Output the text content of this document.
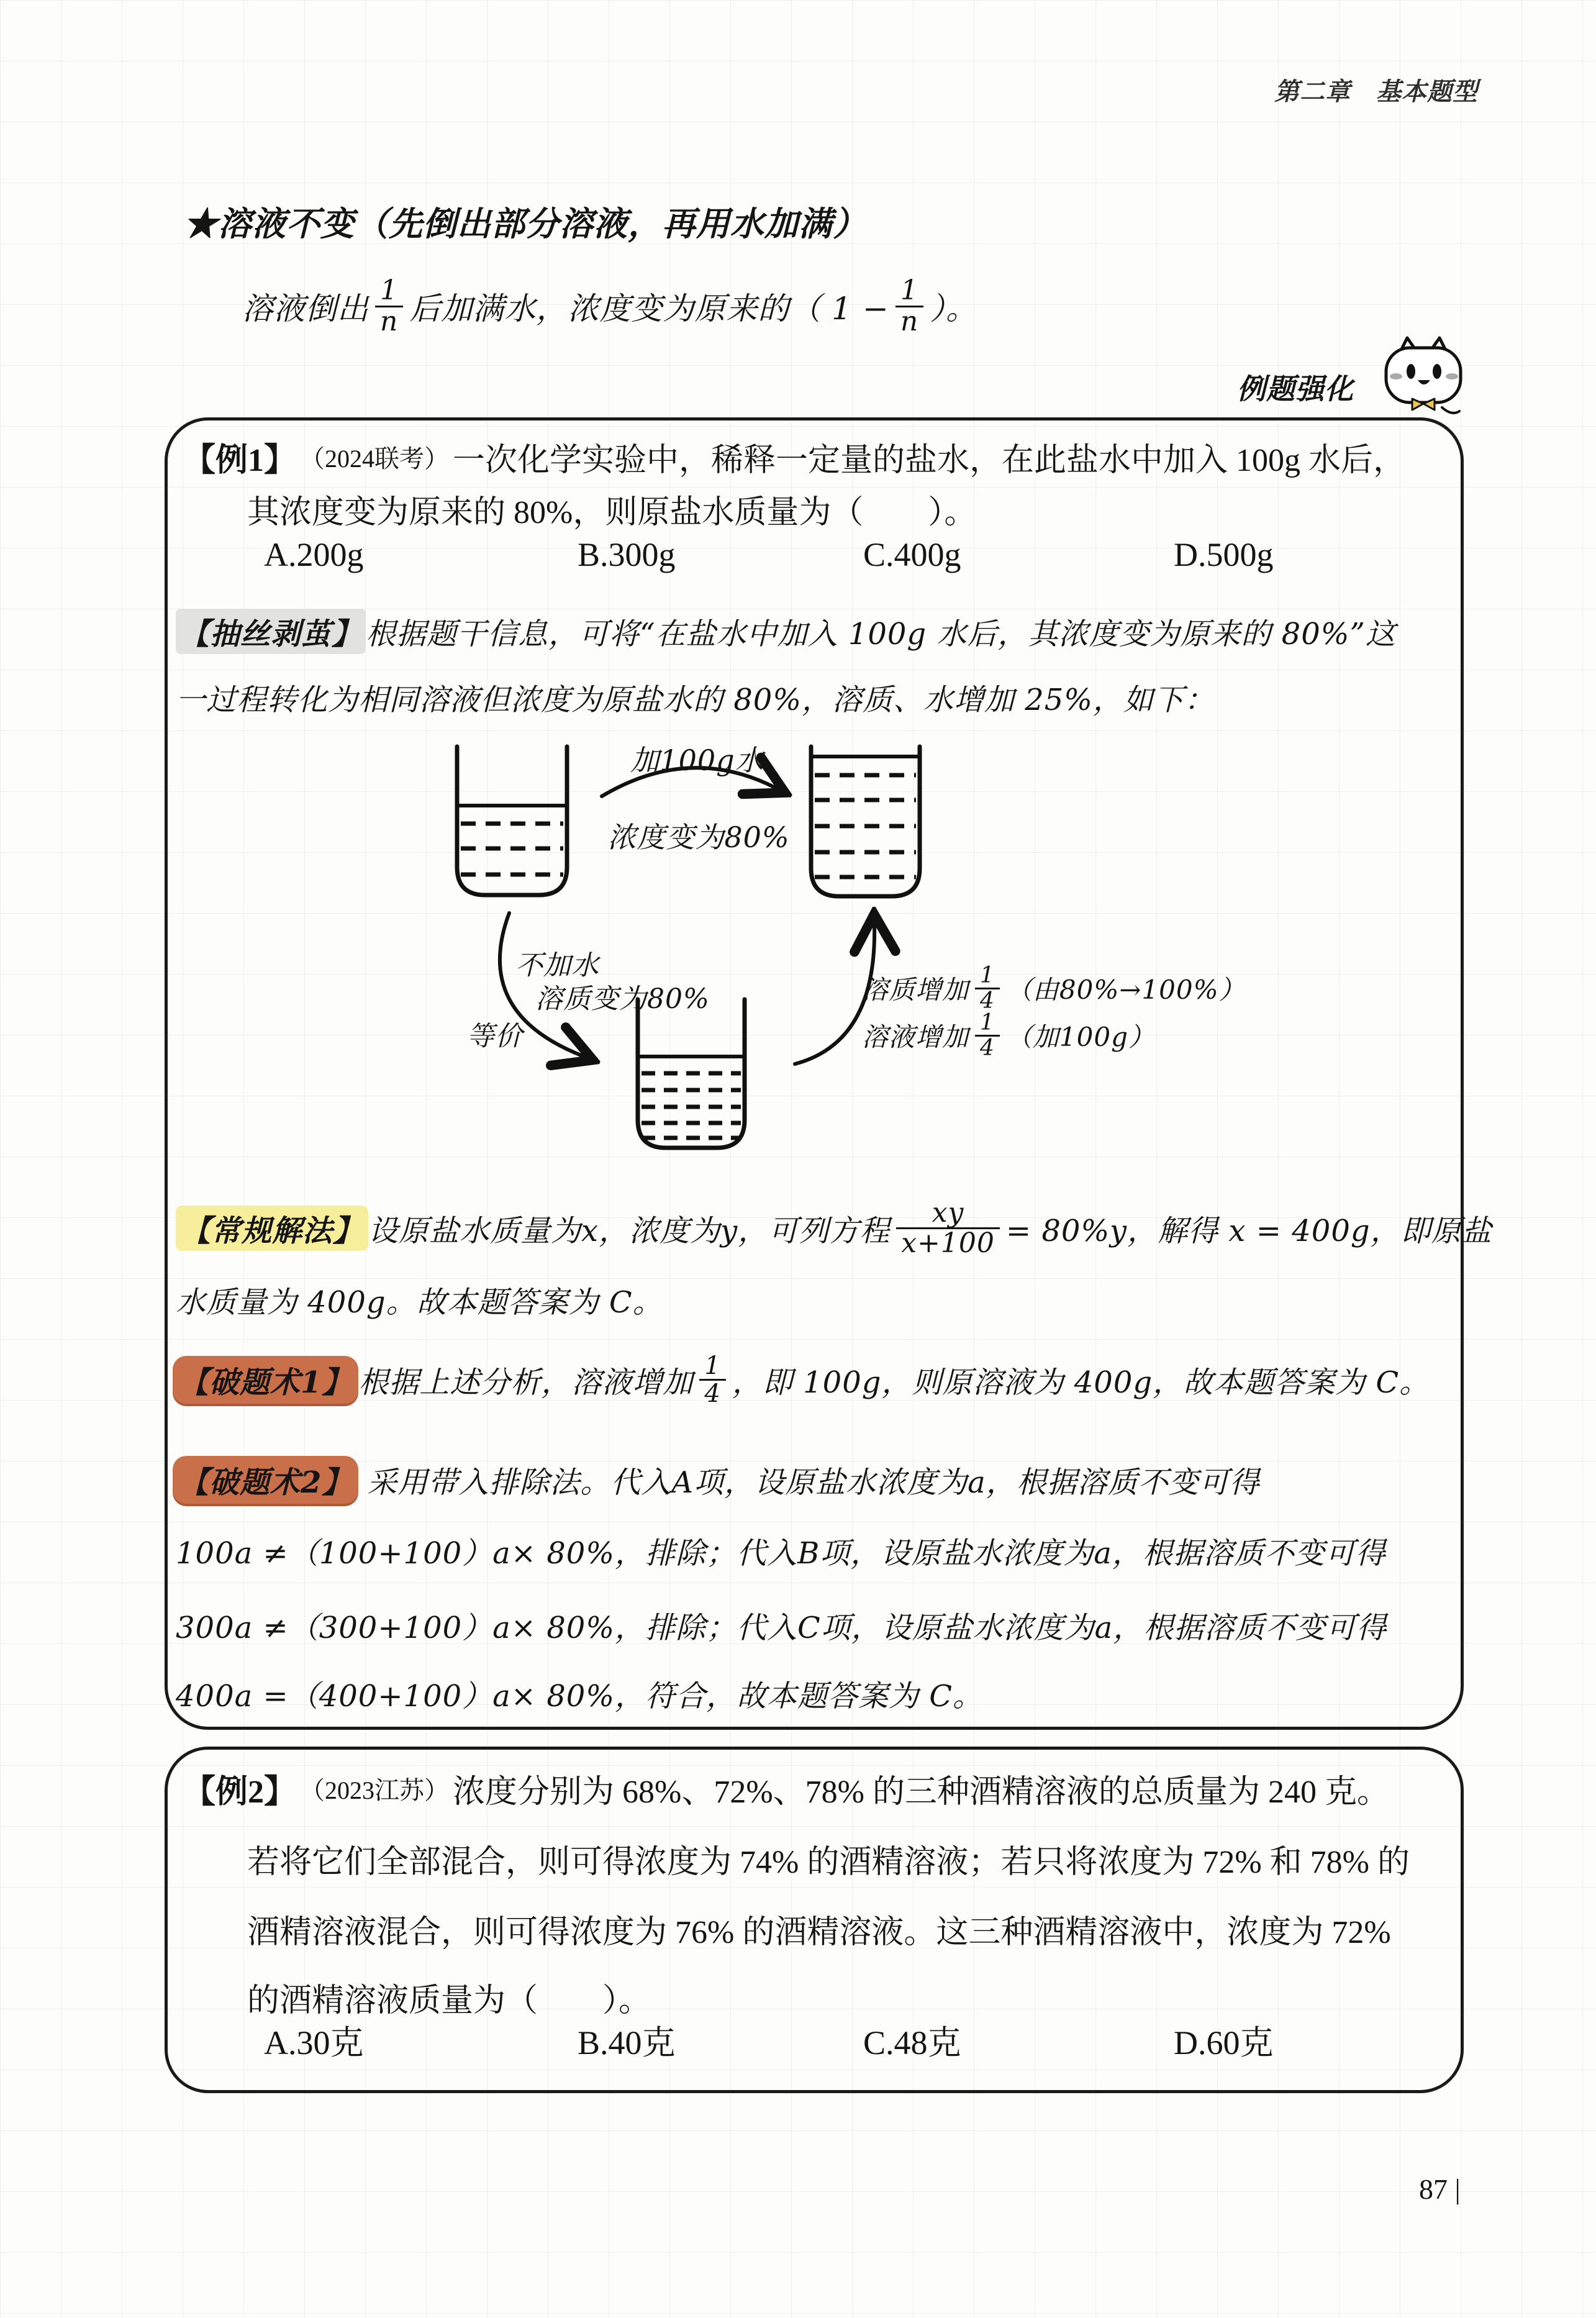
第二章　基本题型
★溶液不变（先倒出部分溶液，再用水加满）
溶液倒出 $\frac{1}{n}$ 后加满水，浓度变为原来的（ $1 - \frac{1}{n}$ ）。
例题强化
【例1】 （2024联考） 一次化学实验中，稀释一定量的盐水，在此盐水中加入 100g 水后，
其浓度变为原来的 80%，则原盐水质量为（　　）。
A.200g	B.300g	C.400g	D.500g
【抽丝剥茧】 根据题干信息，可将“在盐水中加入 100g 水后，其浓度变为原来的 80%”这
一过程转化为相同溶液但浓度为原盐水的 80%，溶质、水增加 25%，如下：
加100g水
浓度变为80%
不加水
溶质变为80%
等价
溶质增加 $\frac{1}{4}$ （由80%→100%）
溶液增加 $\frac{1}{4}$ （加100g）
【常规解法】 设原盐水质量为x，浓度为y，可列方程 $\frac{xy}{x+100} = 80\%y$，解得 x = 400g，即原盐
水质量为 400g。故本题答案为 C。
【破题术1】 根据上述分析，溶液增加 $\frac{1}{4}$ ，即 100g，则原溶液为 400g，故本题答案为 C。
【破题术2】 采用带入排除法。代入A项，设原盐水浓度为a，根据溶质不变可得
100a ≠（100+100）a× 80%，排除；代入B项，设原盐水浓度为a，根据溶质不变可得
300a ≠（300+100）a× 80%，排除；代入C项，设原盐水浓度为a，根据溶质不变可得
400a =（400+100）a× 80%，符合，故本题答案为 C。
【例2】 （2023江苏） 浓度分别为 68%、72%、78% 的三种酒精溶液的总质量为 240 克。
若将它们全部混合，则可得浓度为 74% 的酒精溶液；若只将浓度为 72% 和 78% 的
酒精溶液混合，则可得浓度为 76% 的酒精溶液。这三种酒精溶液中，浓度为 72%
的酒精溶液质量为（　　）。
A.30克	B.40克	C.48克	D.60克
87 |
